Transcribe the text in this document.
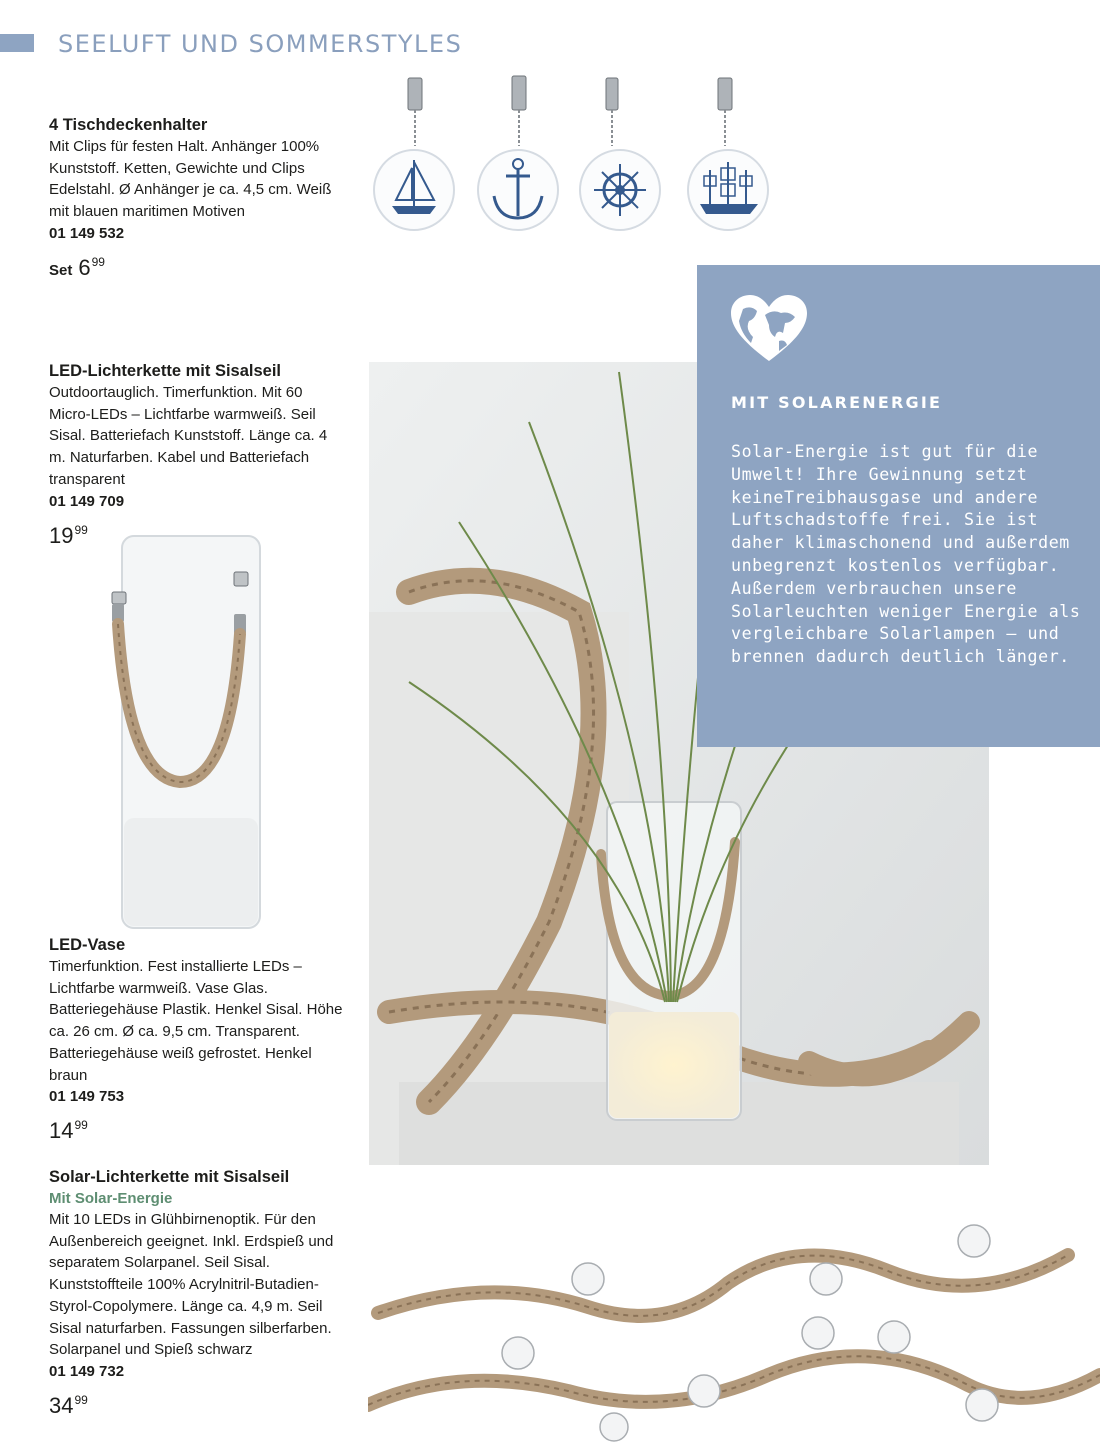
SEELUFT UND SOMMERSTYLES
4 Tischdeckenhalter
Mit Clips für festen Halt. Anhänger 100% Kunststoff. Ketten, Gewichte und Clips Edelstahl. Ø Anhänger je ca. 4,5 cm. Weiß mit blauen maritimen Motiven
01 149 532
Set $6^{99}$
LED-Lichterkette mit Sisalseil
Outdoortauglich. Timerfunktion. Mit 60 Micro-LEDs – Lichtfarbe warmweiß. Seil Sisal. Batteriefach Kunststoff. Länge ca. 4 m. Naturfarben. Kabel und Batteriefach transparent
01 149 709
$19^{99}$
LED-Vase
Timerfunktion. Fest installierte LEDs – Lichtfarbe warmweiß. Vase Glas. Batteriegehäuse Plastik. Henkel Sisal. Höhe ca. 26 cm. Ø ca. 9,5 cm. Transparent. Batteriegehäuse weiß gefrostet. Henkel braun
01 149 753
$14^{99}$
Solar-Lichterkette mit Sisalseil
Mit Solar-Energie
Mit 10 LEDs in Glühbirnenoptik. Für den Außenbereich geeignet. Inkl. Erdspieß und separatem Solarpanel. Seil Sisal. Kunststoffteile 100% Acrylnitril-Butadien-Styrol-Copolymere. Länge ca. 4,9 m. Seil Sisal naturfarben. Fassungen silberfarben. Solarpanel und Spieß schwarz
01 149 732
$34^{99}$
MIT SOLARENERGIE
Solar-Energie ist gut für die Umwelt! Ihre Gewinnung setzt keineTreibhausgase und andere Luftschadstoffe frei. Sie ist daher klimaschonend und außerdem unbegrenzt kostenlos verfügbar. Außerdem verbrauchen unsere Solarleuchten weniger Energie als vergleichbare Solarlampen – und brennen dadurch deutlich länger.
